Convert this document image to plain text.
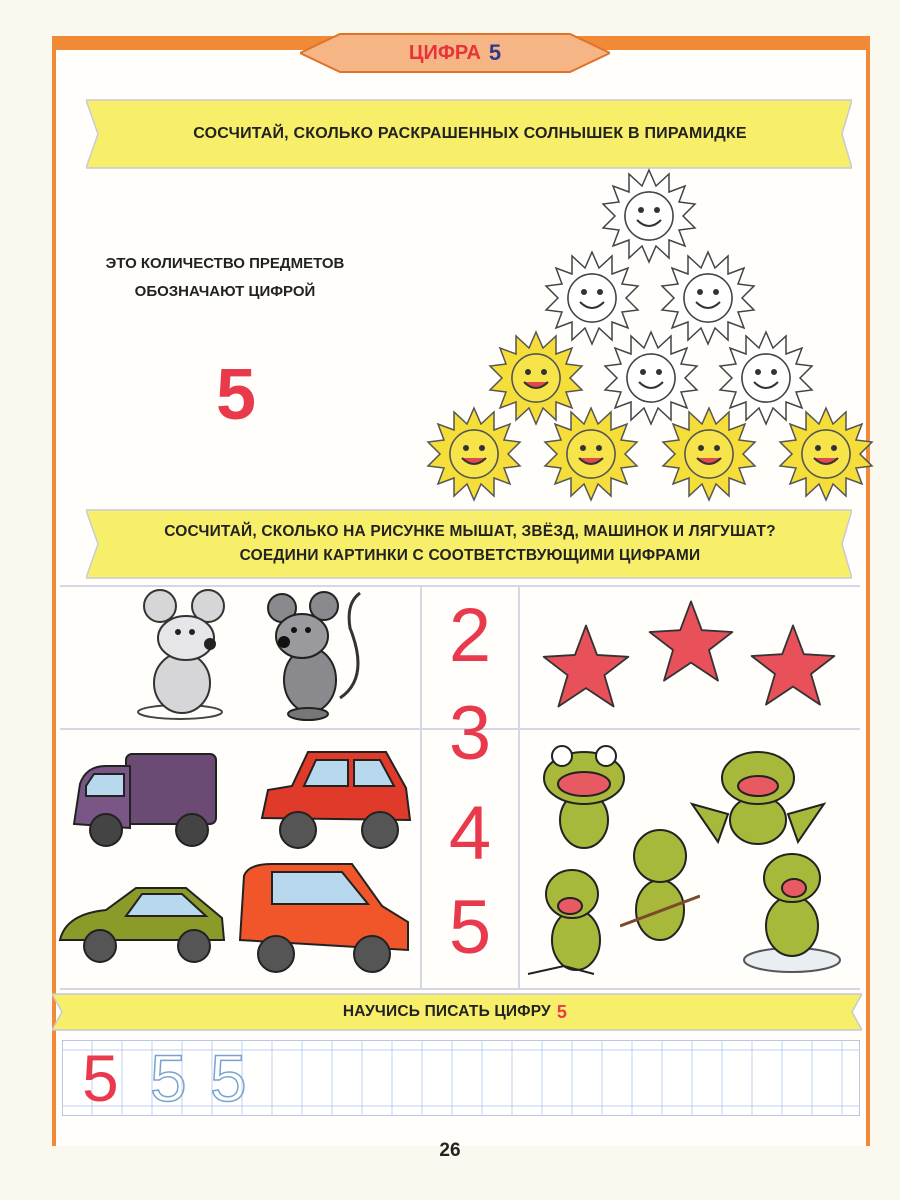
ЦИФРА 5
СОСЧИТАЙ, СКОЛЬКО РАСКРАШЕННЫХ СОЛНЫШЕК В ПИРАМИДКЕ
ЭТО КОЛИЧЕСТВО ПРЕДМЕТОВ
ОБОЗНАЧАЮТ ЦИФРОЙ
5
СОСЧИТАЙ, СКОЛЬКО НА РИСУНКЕ МЫШАТ, ЗВЁЗД, МАШИНОК И ЛЯГУШАТ?
СОЕДИНИ КАРТИНКИ С СООТВЕТСТВУЮЩИМИ ЦИФРАМИ
2
3
4
5
НАУЧИСЬ ПИСАТЬ ЦИФРУ 5
5 5 5
26
